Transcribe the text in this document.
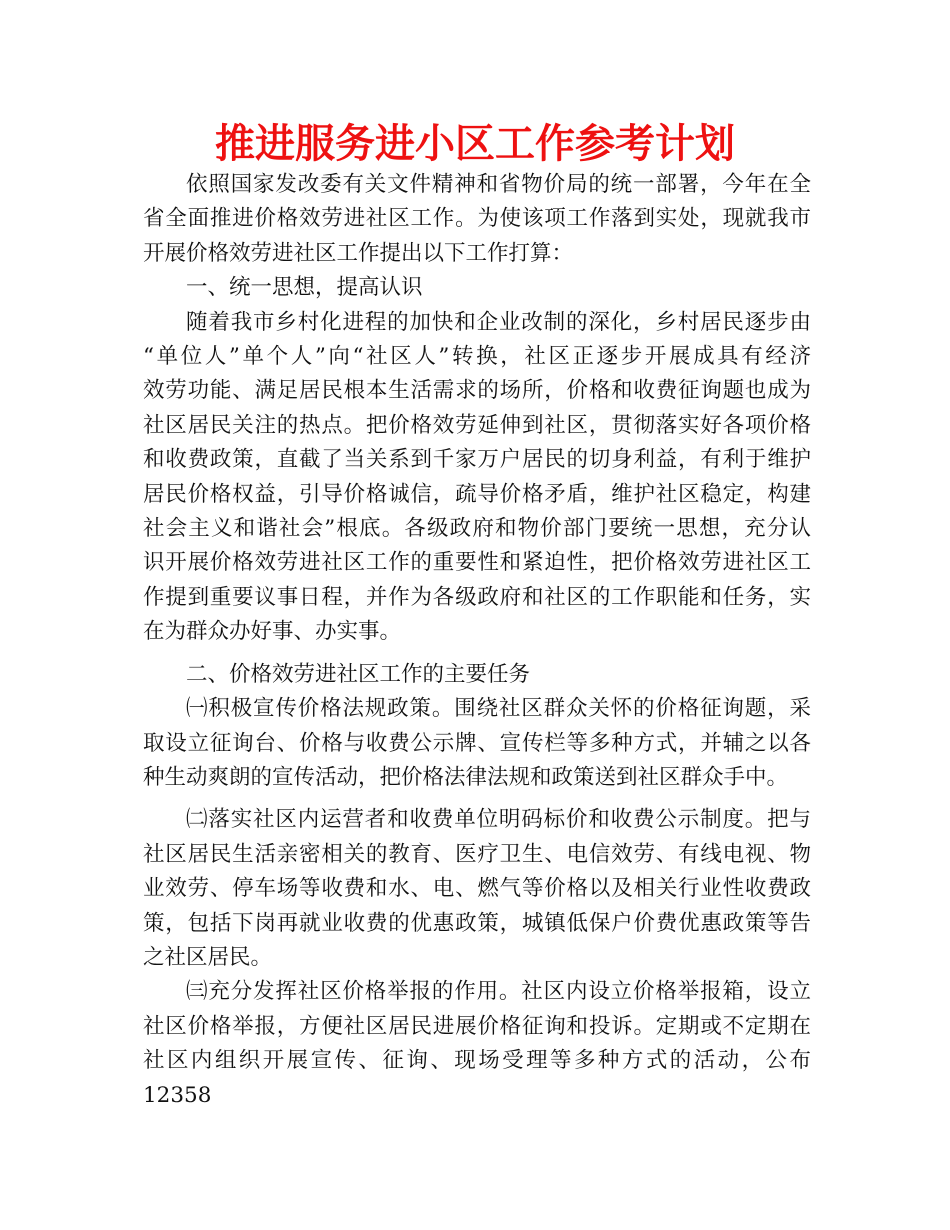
推进服务进小区工作参考计划
依照国家发改委有关文件精神和省物价局的统一部署，今年在全
省全面推进价格效劳进社区工作。为使该项工作落到实处，现就我市
开展价格效劳进社区工作提出以下工作打算：
一、统一思想，提高认识
随着我市乡村化进程的加快和企业改制的深化，乡村居民逐步由
“单位人”单个人”向“社区人”转换，社区正逐步开展成具有经济
效劳功能、满足居民根本生活需求的场所，价格和收费征询题也成为
社区居民关注的热点。把价格效劳延伸到社区，贯彻落实好各项价格
和收费政策，直截了当关系到千家万户居民的切身利益，有利于维护
居民价格权益，引导价格诚信，疏导价格矛盾，维护社区稳定，构建
社会主义和谐社会”根底。各级政府和物价部门要统一思想，充分认
识开展价格效劳进社区工作的重要性和紧迫性，把价格效劳进社区工
作提到重要议事日程，并作为各级政府和社区的工作职能和任务，实
在为群众办好事、办实事。
二、价格效劳进社区工作的主要任务
㈠积极宣传价格法规政策。围绕社区群众关怀的价格征询题，采
取设立征询台、价格与收费公示牌、宣传栏等多种方式，并辅之以各
种生动爽朗的宣传活动，把价格法律法规和政策送到社区群众手中。
㈡落实社区内运营者和收费单位明码标价和收费公示制度。把与
社区居民生活亲密相关的教育、医疗卫生、电信效劳、有线电视、物
业效劳、停车场等收费和水、电、燃气等价格以及相关行业性收费政
策，包括下岗再就业收费的优惠政策，城镇低保户价费优惠政策等告
之社区居民。
㈢充分发挥社区价格举报的作用。社区内设立价格举报箱，设立
社区价格举报，方便社区居民进展价格征询和投诉。定期或不定期在
社区内组织开展宣传、征询、现场受理等多种方式的活动，公布 12358
